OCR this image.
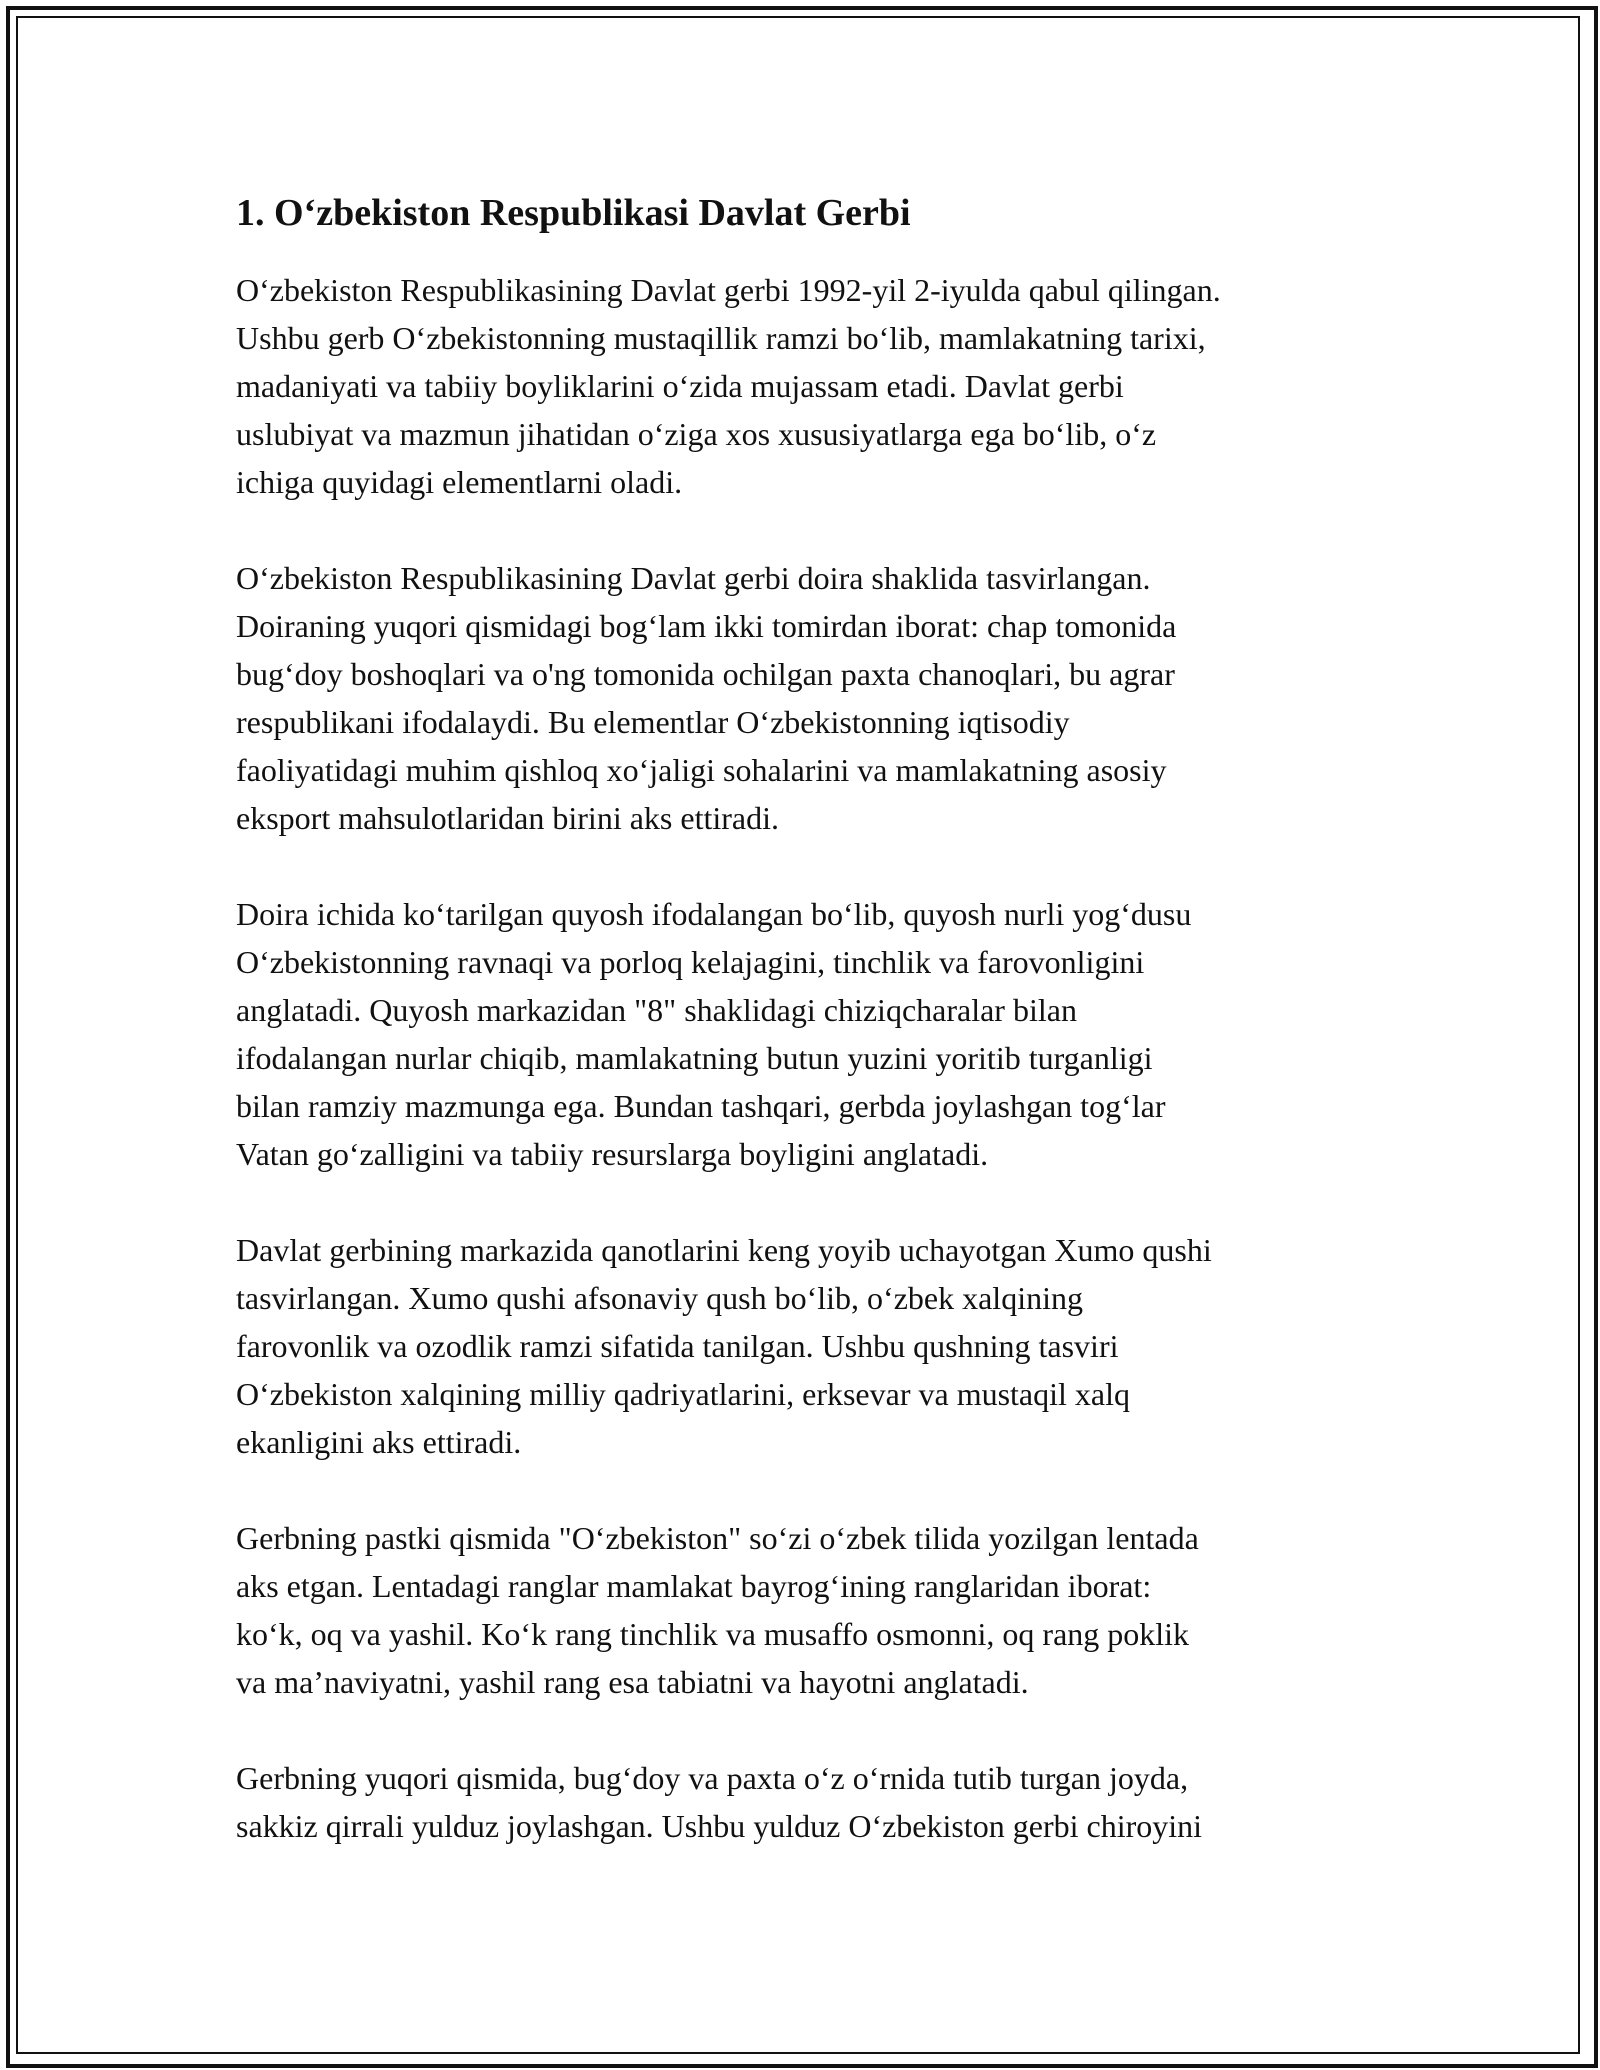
1. O‘zbekiston Respublikasi Davlat Gerbi

O‘zbekiston Respublikasining Davlat gerbi 1992-yil 2-iyulda qabul qilingan.
Ushbu gerb O‘zbekistonning mustaqillik ramzi bo‘lib, mamlakatning tarixi,
madaniyati va tabiiy boyliklarini o‘zida mujassam etadi. Davlat gerbi
uslubiyat va mazmun jihatidan o‘ziga xos xususiyatlarga ega bo‘lib, o‘z
ichiga quyidagi elementlarni oladi.

O‘zbekiston Respublikasining Davlat gerbi doira shaklida tasvirlangan.
Doiraning yuqori qismidagi bog‘lam ikki tomirdan iborat: chap tomonida
bug‘doy boshoqlari va o'ng tomonida ochilgan paxta chanoqlari, bu agrar
respublikani ifodalaydi. Bu elementlar O‘zbekistonning iqtisodiy
faoliyatidagi muhim qishloq xo‘jaligi sohalarini va mamlakatning asosiy
eksport mahsulotlaridan birini aks ettiradi.

Doira ichida ko‘tarilgan quyosh ifodalangan bo‘lib, quyosh nurli yog‘dusu
O‘zbekistonning ravnaqi va porloq kelajagini, tinchlik va farovonligini
anglatadi. Quyosh markazidan "8" shaklidagi chiziqcharalar bilan
ifodalangan nurlar chiqib, mamlakatning butun yuzini yoritib turganligi
bilan ramziy mazmunga ega. Bundan tashqari, gerbda joylashgan tog‘lar
Vatan go‘zalligini va tabiiy resurslarga boyligini anglatadi.

Davlat gerbining markazida qanotlarini keng yoyib uchayotgan Xumo qushi
tasvirlangan. Xumo qushi afsonaviy qush bo‘lib, o‘zbek xalqining
farovonlik va ozodlik ramzi sifatida tanilgan. Ushbu qushning tasviri
O‘zbekiston xalqining milliy qadriyatlarini, erksevar va mustaqil xalq
ekanligini aks ettiradi.

Gerbning pastki qismida "O‘zbekiston" so‘zi o‘zbek tilida yozilgan lentada
aks etgan. Lentadagi ranglar mamlakat bayrog‘ining ranglaridan iborat:
ko‘k, oq va yashil. Ko‘k rang tinchlik va musaffo osmonni, oq rang poklik
va ma’naviyatni, yashil rang esa tabiatni va hayotni anglatadi.

Gerbning yuqori qismida, bug‘doy va paxta o‘z o‘rnida tutib turgan joyda,
sakkiz qirrali yulduz joylashgan. Ushbu yulduz O‘zbekiston gerbi chiroyini
